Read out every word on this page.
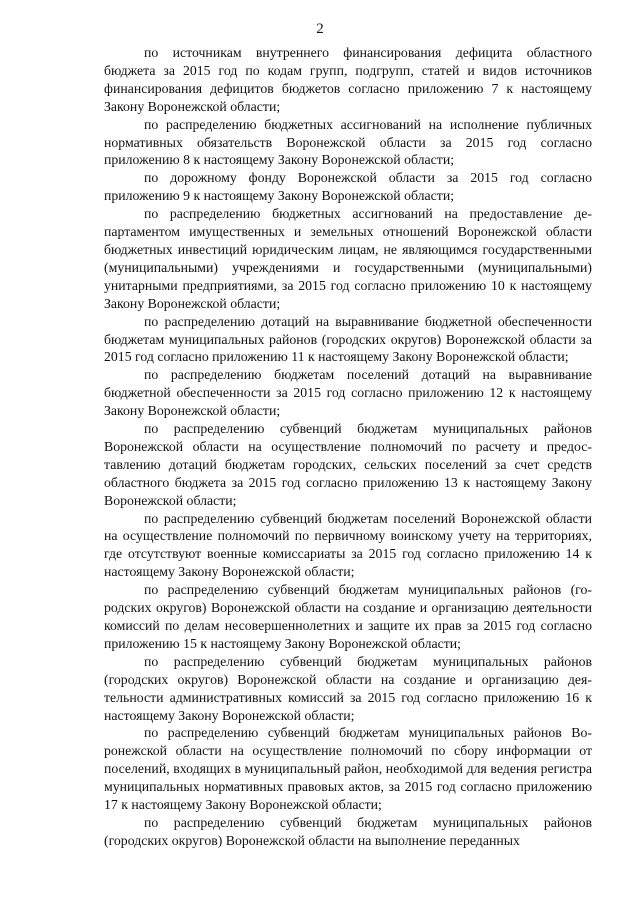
2

по источникам внутреннего финансирования дефицита областного бюджета за 2015 год по кодам групп, подгрупп, статей и видов источников финансирования дефицитов бюджетов согласно приложению 7 к настоящему Закону Воронежской области;

по распределению бюджетных ассигнований на исполнение публичных нормативных обязательств Воронежской области за 2015 год согласно приложению 8 к настоящему Закону Воронежской области;

по дорожному фонду Воронежской области за 2015 год согласно приложению 9 к настоящему Закону Воронежской области;

по распределению бюджетных ассигнований на предоставление департаментом имущественных и земельных отношений Воронежской области бюджетных инвестиций юридическим лицам, не являющимся государственными (муниципальными) учреждениями и государственными (муниципальными) унитарными предприятиями, за 2015 год согласно приложению 10 к настоящему Закону Воронежской области;

по распределению дотаций на выравнивание бюджетной обеспеченности бюджетам муниципальных районов (городских округов) Воронежской области за 2015 год согласно приложению 11 к настоящему Закону Воронежской области;

по распределению бюджетам поселений дотаций на выравнивание бюджетной обеспеченности за 2015 год согласно приложению 12 к настоящему Закону Воронежской области;

по распределению субвенций бюджетам муниципальных районов Воронежской области на осуществление полномочий по расчету и предоставлению дотаций бюджетам городских, сельских поселений за счет средств областного бюджета за 2015 год согласно приложению 13 к настоящему Закону Воронежской области;

по распределению субвенций бюджетам поселений Воронежской области на осуществление полномочий по первичному воинскому учету на территориях, где отсутствуют военные комиссариаты за 2015 год согласно приложению 14 к настоящему Закону Воронежской области;

по распределению субвенций бюджетам муниципальных районов (городских округов) Воронежской области на создание и организацию деятельности комиссий по делам несовершеннолетних и защите их прав за 2015 год согласно приложению 15 к настоящему Закону Воронежской области;

по распределению субвенций бюджетам муниципальных районов (городских округов) Воронежской области на создание и организацию деятельности административных комиссий за 2015 год согласно приложению 16 к настоящему Закону Воронежской области;

по распределению субвенций бюджетам муниципальных районов Воронежской области на осуществление полномочий по сбору информации от поселений, входящих в муниципальный район, необходимой для ведения регистра муниципальных нормативных правовых актов, за 2015 год согласно приложению 17 к настоящему Закону Воронежской области;

по распределению субвенций бюджетам муниципальных районов (городских округов) Воронежской области на выполнение переданных
